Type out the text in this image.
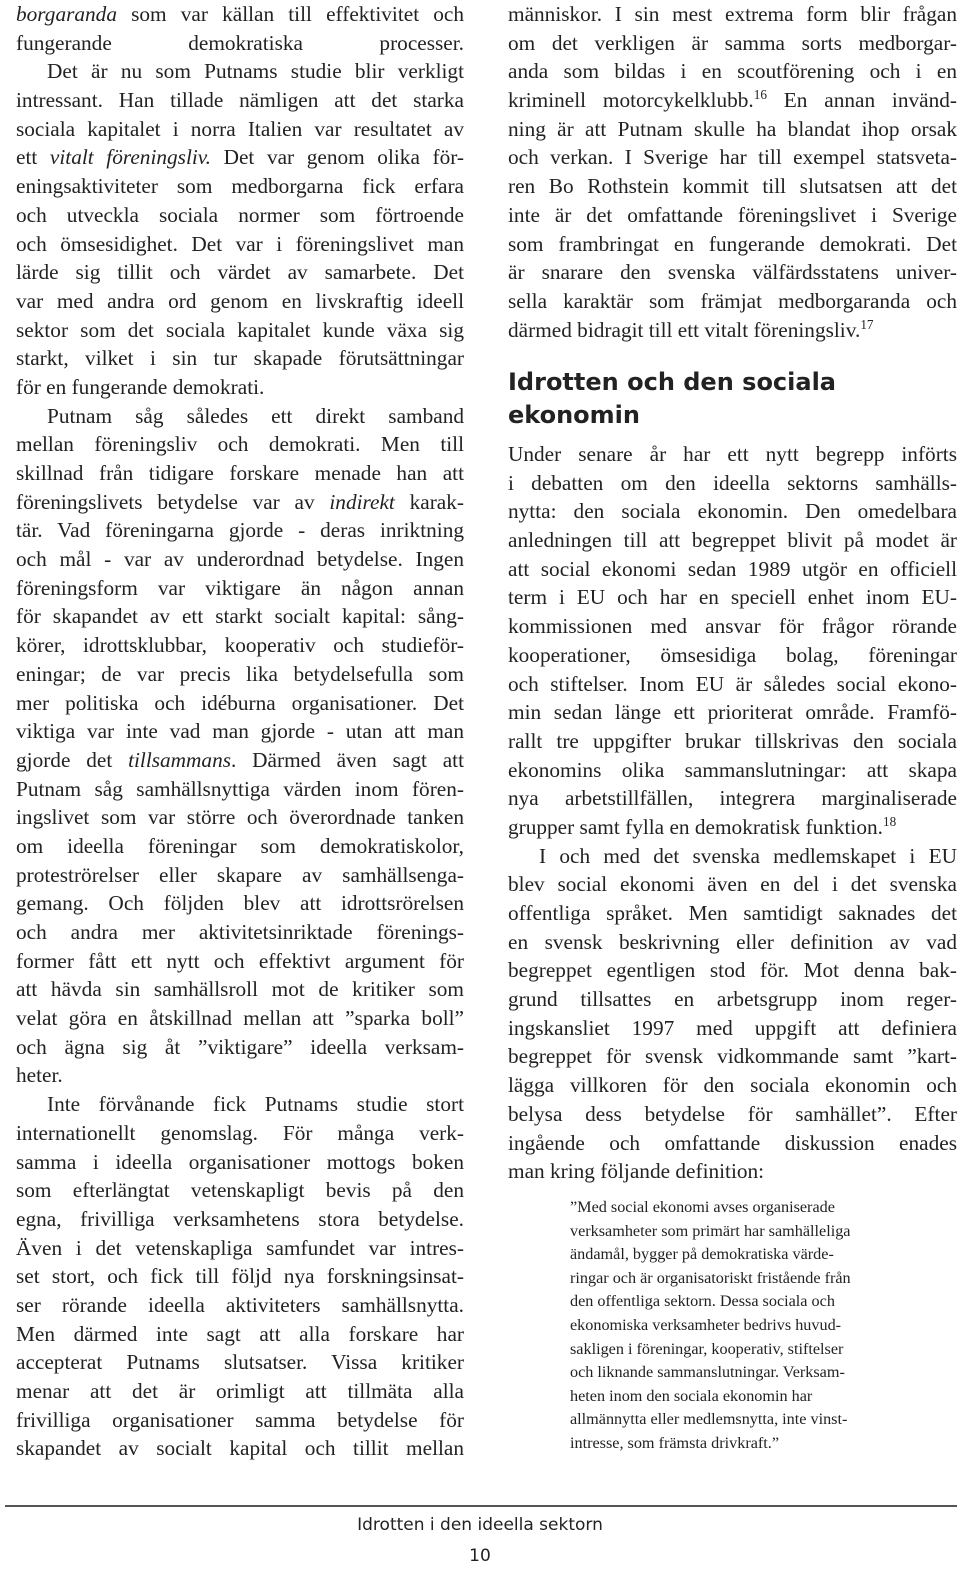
borgaranda som var källan till effektivitet och
fungerande demokratiska processer.
Det är nu som Putnams studie blir verkligt
intressant. Han tillade nämligen att det starka
sociala kapitalet i norra Italien var resultatet av
ett vitalt föreningsliv. Det var genom olika för-
eningsaktiviteter som medborgarna fick erfara
och utveckla sociala normer som förtroende
och ömsesidighet. Det var i föreningslivet man
lärde sig tillit och värdet av samarbete. Det
var med andra ord genom en livskraftig ideell
sektor som det sociala kapitalet kunde växa sig
starkt, vilket i sin tur skapade förutsättningar
för en fungerande demokrati.
Putnam såg således ett direkt samband
mellan föreningsliv och demokrati. Men till
skillnad från tidigare forskare menade han att
föreningslivets betydelse var av indirekt karak-
tär. Vad föreningarna gjorde - deras inriktning
och mål - var av underordnad betydelse. Ingen
föreningsform var viktigare än någon annan
för skapandet av ett starkt socialt kapital: sång-
körer, idrottsklubbar, kooperativ och studieför-
eningar; de var precis lika betydelsefulla som
mer politiska och idéburna organisationer. Det
viktiga var inte vad man gjorde - utan att man
gjorde det tillsammans. Därmed även sagt att
Putnam såg samhällsnyttiga värden inom fören-
ingslivet som var större och överordnade tanken
om ideella föreningar som demokratiskolor,
proteströrelser eller skapare av samhällsenga-
gemang. Och följden blev att idrottsrörelsen
och andra mer aktivitetsinriktade förenings-
former fått ett nytt och effektivt argument för
att hävda sin samhällsroll mot de kritiker som
velat göra en åtskillnad mellan att ”sparka boll”
och ägna sig åt ”viktigare” ideella verksam-
heter.
Inte förvånande fick Putnams studie stort
internationellt genomslag. För många verk-
samma i ideella organisationer mottogs boken
som efterlängtat vetenskapligt bevis på den
egna, frivilliga verksamhetens stora betydelse.
Även i det vetenskapliga samfundet var intres-
set stort, och fick till följd nya forskningsinsat-
ser rörande ideella aktiviteters samhällsnytta.
Men därmed inte sagt att alla forskare har
accepterat Putnams slutsatser. Vissa kritiker
menar att det är orimligt att tillmäta alla
frivilliga organisationer samma betydelse för
skapandet av socialt kapital och tillit mellan
människor. I sin mest extrema form blir frågan
om det verkligen är samma sorts medborgar-
anda som bildas i en scoutförening och i en
kriminell motorcykelklubb.$^{16}$ En annan invänd-
ning är att Putnam skulle ha blandat ihop orsak
och verkan. I Sverige har till exempel statsveta-
ren Bo Rothstein kommit till slutsatsen att det
inte är det omfattande föreningslivet i Sverige
som frambringat en fungerande demokrati. Det
är snarare den svenska välfärdsstatens univer-
sella karaktär som främjat medborgaranda och
därmed bidragit till ett vitalt föreningsliv.$^{17}$
Idrotten och den sociala
ekonomin
Under senare år har ett nytt begrepp införts
i debatten om den ideella sektorns samhälls-
nytta: den sociala ekonomin. Den omedelbara
anledningen till att begreppet blivit på modet är
att social ekonomi sedan 1989 utgör en officiell
term i EU och har en speciell enhet inom EU-
kommissionen med ansvar för frågor rörande
kooperationer, ömsesidiga bolag, föreningar
och stiftelser. Inom EU är således social ekono-
min sedan länge ett prioriterat område. Framfö-
rallt tre uppgifter brukar tillskrivas den sociala
ekonomins olika sammanslutningar: att skapa
nya arbetstillfällen, integrera marginaliserade
grupper samt fylla en demokratisk funktion.$^{18}$
I och med det svenska medlemskapet i EU
blev social ekonomi även en del i det svenska
offentliga språket. Men samtidigt saknades det
en svensk beskrivning eller definition av vad
begreppet egentligen stod för. Mot denna bak-
grund tillsattes en arbetsgrupp inom reger-
ingskansliet 1997 med uppgift att definiera
begreppet för svensk vidkommande samt ”kart-
lägga villkoren för den sociala ekonomin och
belysa dess betydelse för samhället”. Efter
ingående och omfattande diskussion enades
man kring följande definition:
”Med social ekonomi avses organiserade
verksamheter som primärt har samhälleliga
ändamål, bygger på demokratiska värde-
ringar och är organisatoriskt fristående från
den offentliga sektorn. Dessa sociala och
ekonomiska verksamheter bedrivs huvud-
sakligen i föreningar, kooperativ, stiftelser
och liknande sammanslutningar. Verksam-
heten inom den sociala ekonomin har
allmännytta eller medlemsnytta, inte vinst-
intresse, som främsta drivkraft.”
Idrotten i den ideella sektorn
10
